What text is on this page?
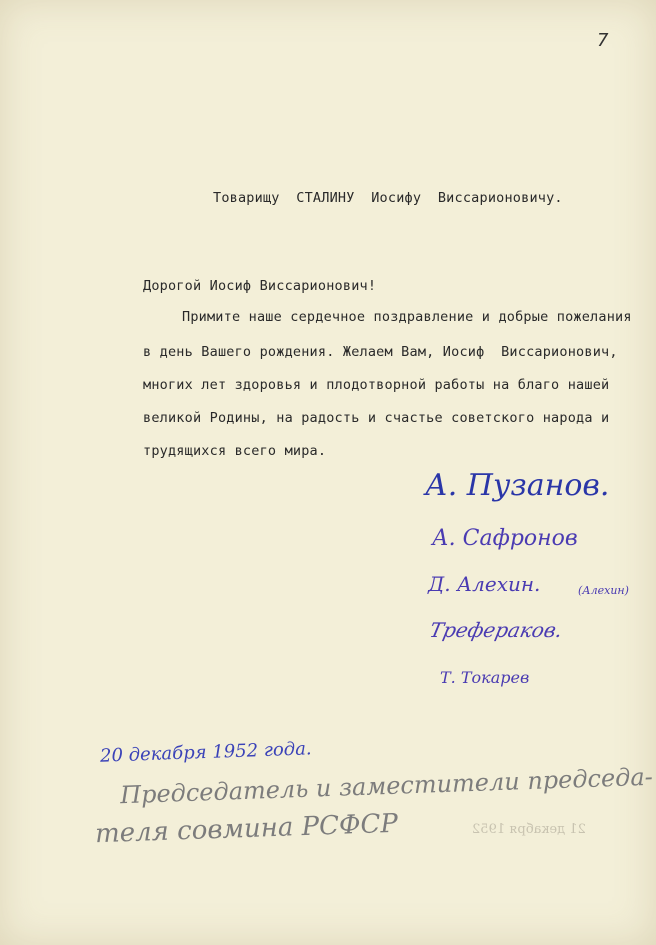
7

Товарищу  СТАЛИНУ  Иосифу  Виссарионовичу.

Дорогой Иосиф Виссарионович!

Примите наше сердечное поздравление и добрые пожелания

в день Вашего рождения. Желаем Вам, Иосиф  Виссарионович,

многих лет здоровья и плодотворной работы на благо нашей

великой Родины, на радость и счастье советского народа и

трудящихся всего мира.

А. Пузанов.
А. Сафронов
Д. Алехин.	(Алехин)
Трефераков.
Т. Токарев
20 декабря 1952 года.
Председатель и заместители председа-
теля совмина РСФСР	21 декабря 1952
